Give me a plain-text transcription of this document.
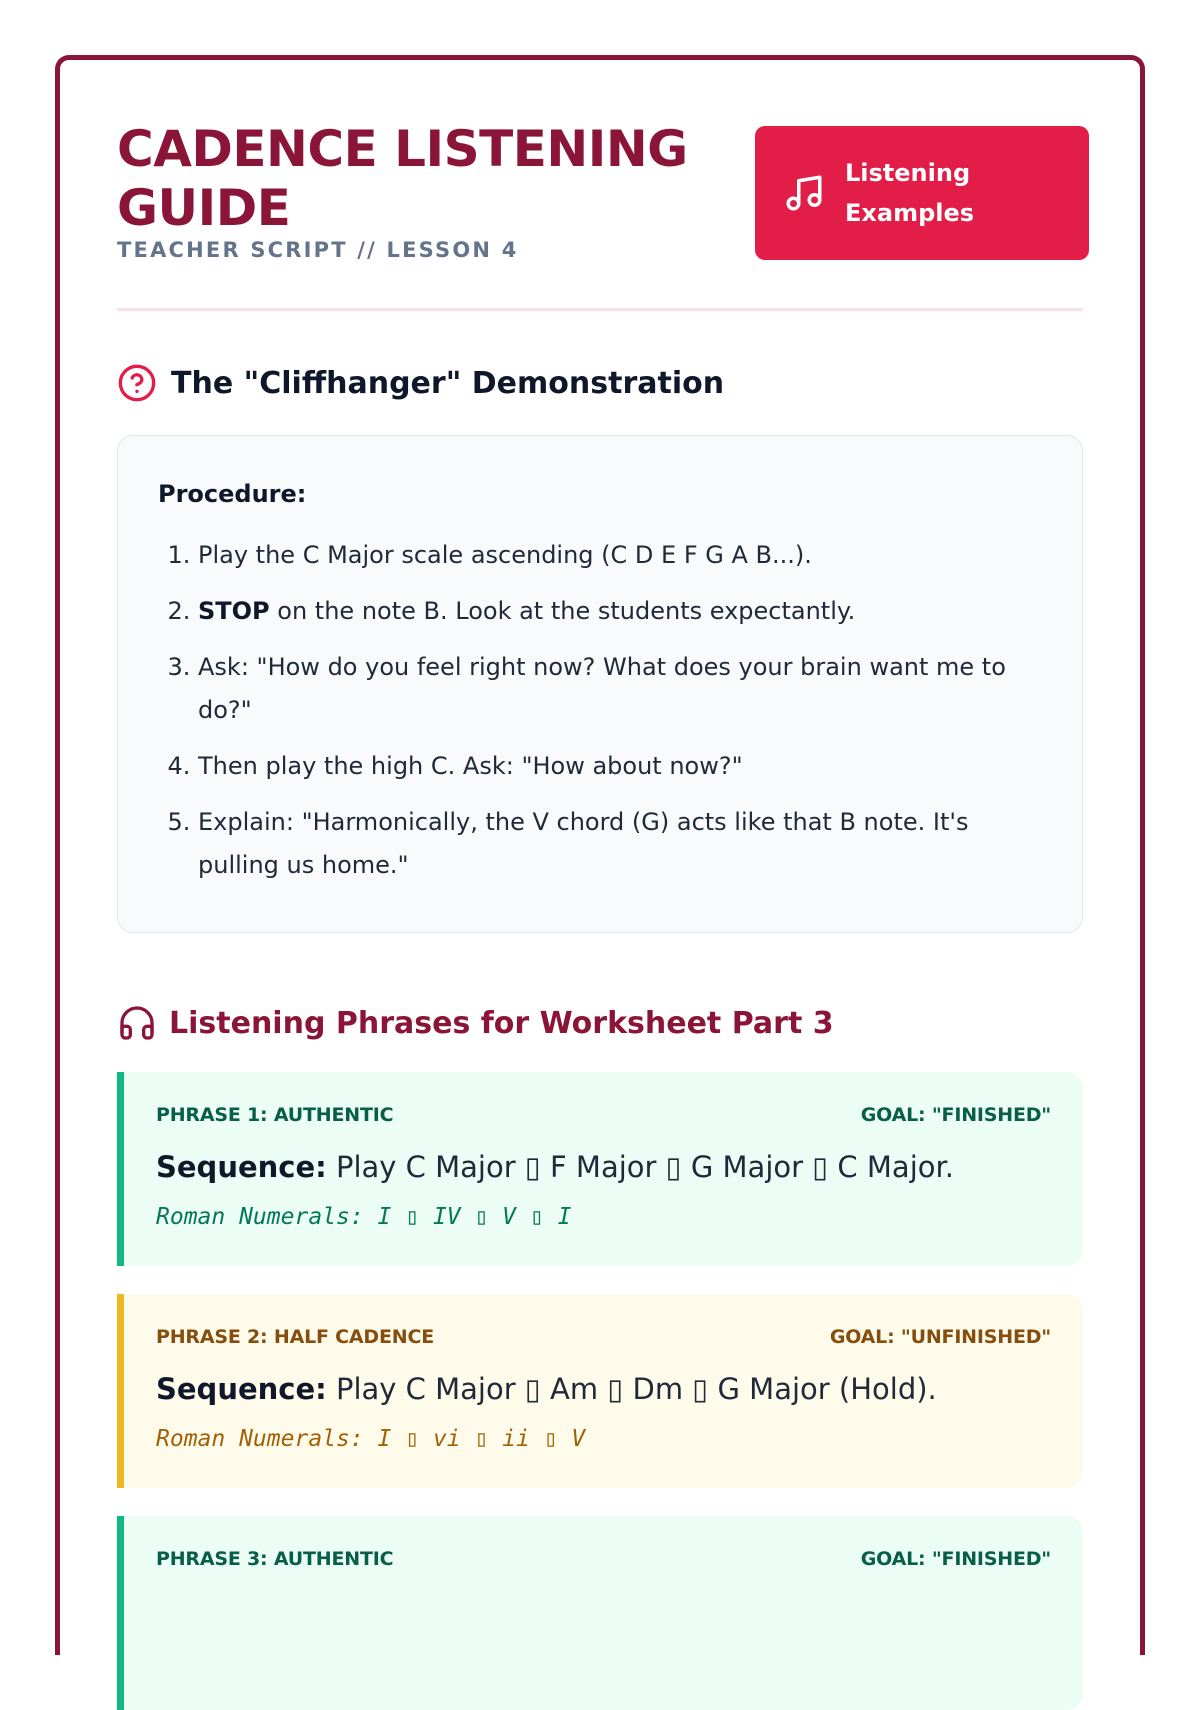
CADENCE LISTENING GUIDE
TEACHER SCRIPT // LESSON 4
Listening Examples
The "Cliffhanger" Demonstration
Procedure:
1. Play the C Major scale ascending (C D E F G A B...).
2. STOP on the note B. Look at the students expectantly.
3. Ask: "How do you feel right now? What does your brain want me to do?"
4. Then play the high C. Ask: "How about now?"
5. Explain: "Harmonically, the V chord (G) acts like that B note. It's pulling us home."
Listening Phrases for Worksheet Part 3
PHRASE 1: AUTHENTIC	GOAL: "FINISHED"
Sequence: Play C Major ▯ F Major ▯ G Major ▯ C Major.
Roman Numerals: I ▯ IV ▯ V ▯ I
PHRASE 2: HALF CADENCE	GOAL: "UNFINISHED"
Sequence: Play C Major ▯ Am ▯ Dm ▯ G Major (Hold).
Roman Numerals: I ▯ vi ▯ ii ▯ V
PHRASE 3: AUTHENTIC	GOAL: "FINISHED"
